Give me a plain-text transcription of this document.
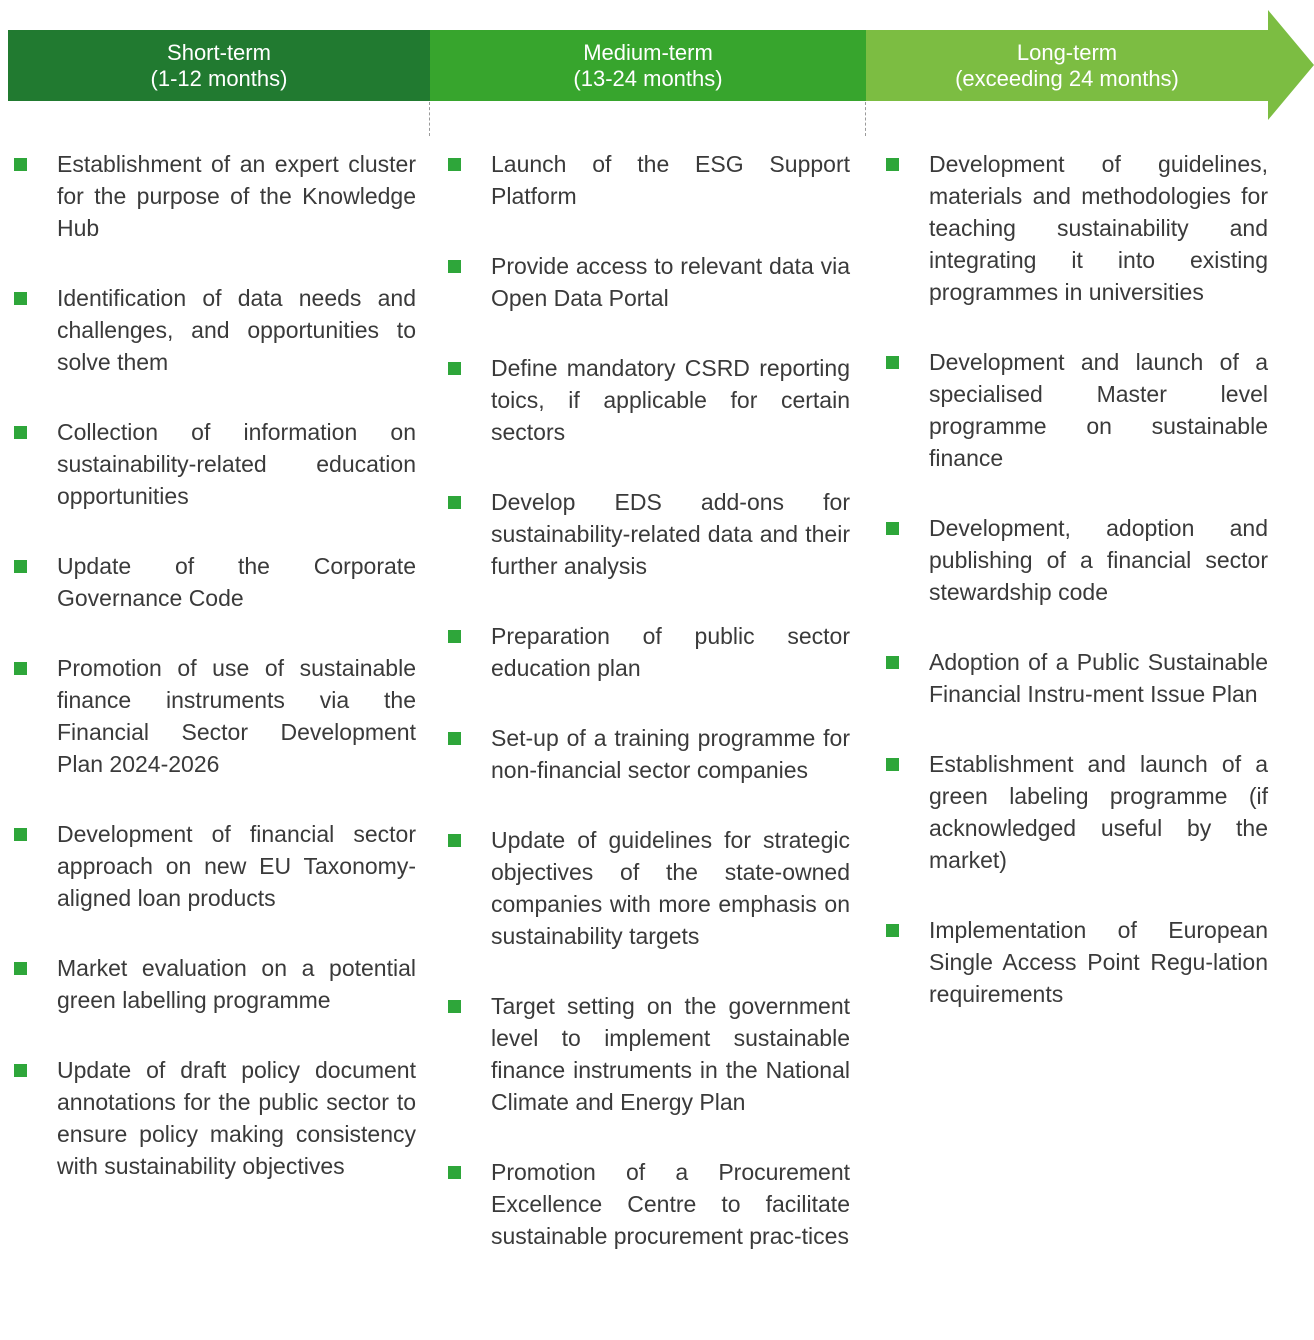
Short-term
(1-12 months)
Medium-term
(13-24 months)
Long-term
(exceeding 24 months)
Establishment of an expert cluster for the purpose of the Knowledge Hub
Identification of data needs and challenges, and opportunities to solve them
Collection of information on sustainability-related education opportunities
Update of the Corporate Governance Code
Promotion of use of sustainable finance instruments via the Financial Sector Development Plan 2024-2026
Development of financial sector approach on new EU Taxonomy-aligned loan products
Market evaluation on a potential green labelling programme
Update of draft policy document annotations for the public sector to ensure policy making consistency with sustainability objectives
Launch of the ESG Support Platform
Provide access to relevant data via Open Data Portal
Define mandatory CSRD reporting toics, if applicable for certain sectors
Develop EDS add-ons for sustainability-related data and their further analysis
Preparation of public sector education plan
Set-up of a training programme for non-financial sector companies
Update of guidelines for strategic objectives of the state-owned companies with more emphasis on sustainability targets
Target setting on the government level to implement sustainable finance instruments in the National Climate and Energy Plan
Promotion of a Procurement Excellence Centre to facilitate sustainable procurement prac-tices
Development of guidelines, materials and methodologies for teaching sustainability and integrating it into existing programmes in universities
Development and launch of a specialised Master level programme on sustainable finance
Development, adoption and publishing of a financial sector stewardship code
Adoption of a Public Sustainable Financial Instru-ment Issue Plan
Establishment and launch of a green labeling programme (if acknowledged useful by the market)
Implementation of European Single Access Point Regu-lation requirements
